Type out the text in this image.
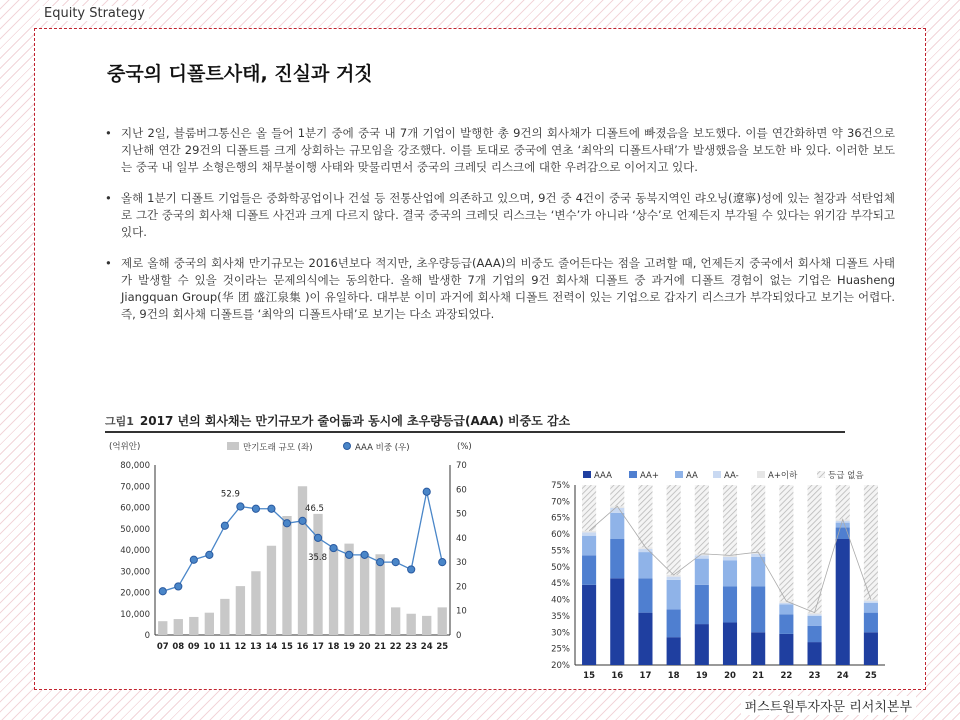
Equity Strategy
중국의 디폴트사태, 진실과 거짓
• 지난 2일, 블룸버그통신은 올 들어 1분기 중에 중국 내 7개 기업이 발행한 총 9건의 회사채가 디폴트에 빠졌음을 보도했다. 이를 연간화하면 약 36건으로 지난해 연간 29건의 디폴트를 크게 상회하는 규모임을 강조했다. 이를 토대로 중국에 연초 ‘최악의 디폴트사태’가 발생했음을 보도한 바 있다. 이러한 보도는 중국 내 일부 소형은행의 채무불이행 사태와 맞물리면서 중국의 크레딧 리스크에 대한 우려감으로 이어지고 있다.
• 올해 1분기 디폴트 기업들은 중화학공업이나 건설 등 전통산업에 의존하고 있으며, 9건 중 4건이 중국 동북지역인 랴오닝(遼寧)성에 있는 철강과 석탄업체로 그간 중국의 회사채 디폴트 사건과 크게 다르지 않다. 결국 중국의 크레딧 리스크는 ‘변수’가 아니라 ‘상수’로 언제든지 부각될 수 있다는 위기감 부각되고 있다.
• 제로 올해 중국의 회사채 만기규모는 2016년보다 적지만, 초우량등급(AAA)의 비중도 줄어든다는 점을 고려할 때, 언제든지 중국에서 회사채 디폴트 사태가 발생할 수 있을 것이라는 문제의식에는 동의한다. 올해 발생한 7개 기업의 9건 회사채 디폴트 중 과거에 디폴트 경험이 없는 기업은 Huasheng Jiangquan Group(华 团 盛江泉集 )이 유일하다. 대부분 이미 과거에 회사채 디폴트 전력이 있는 기업으로 갑자기 리스크가 부각되었다고 보기는 어렵다. 즉, 9건의 회사채 디폴트를 ‘최악의 디폴트사태’로 보기는 다소 과장되었다.
그림1 2017 년의 회사채는 만기규모가 줄어듦과 동시에 초우량등급(AAA) 비중도 감소
(억위안)	(%)
만기도래 규모 (좌)	AAA 비중 (우)
0
10,000
20,000
30,000
40,000
50,000
60,000
70,000
80,000
0
10
20
30
40
50
60
70
07 08 09 10 11 12 13 14 15 16 17 18 19 20 21 22 23 24 25
52.9
46.5
35.8
AAA	AA+	AA	AA-	A+이하	등급 없음
20%
25%
30%
35%
40%
45%
50%
55%
60%
65%
70%
75%
15 16 17 18 19 20 21 22 23 24 25
퍼스트원투자자문 리서치본부
